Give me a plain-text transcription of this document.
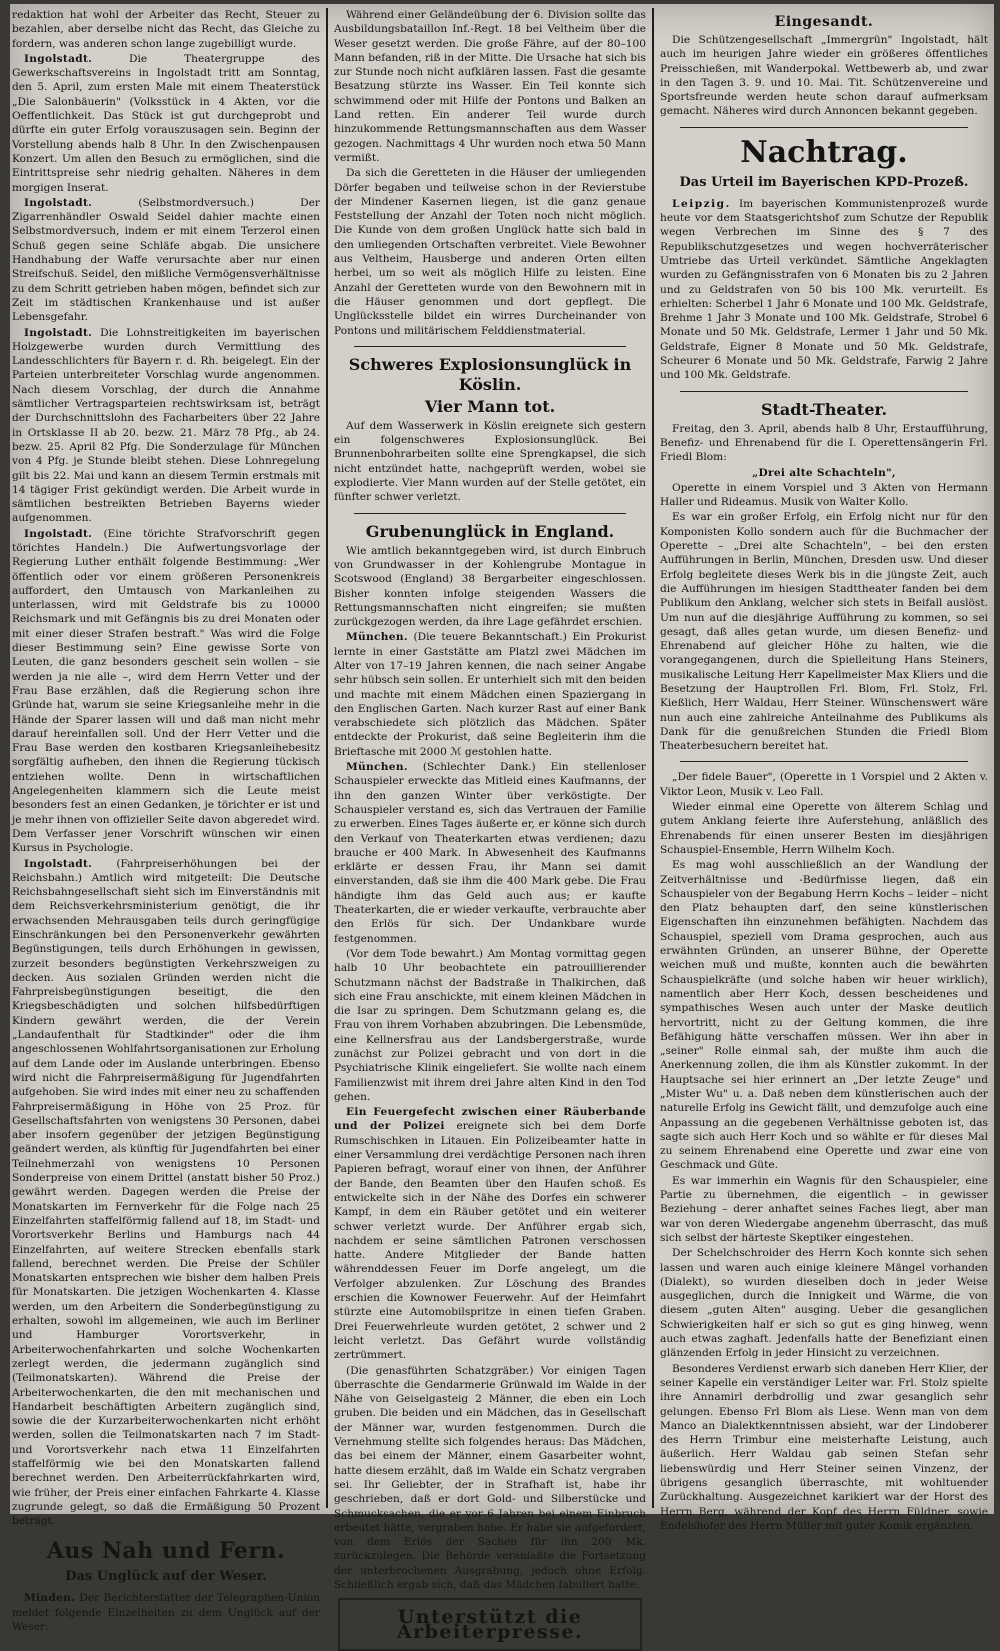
redaktion hat wohl der Arbeiter das Recht, Steuer zu bezahlen, aber derselbe nicht das Recht, das Gleiche zu fordern, was anderen schon lange zugebilligt wurde.

Ingolstadt. Die Theatergruppe des Gewerkschaftsvereins in Ingolstadt tritt am Sonntag, den 5. April, zum ersten Male mit einem Theaterstück „Die Salonbäuerin" (Volksstück in 4 Akten, vor die Oeffentlichkeit. Das Stück ist gut durchgeprobt und dürfte ein guter Erfolg vorauszusagen sein. Beginn der Vorstellung abends halb 8 Uhr. In den Zwischenpausen Konzert. Um allen den Besuch zu ermöglichen, sind die Eintrittspreise sehr niedrig gehalten. Näheres in dem morgigen Inserat.

Ingolstadt. (Selbstmordversuch.) Der Zigarrenhändler Oswald Seidel dahier machte einen Selbstmordversuch, indem er mit einem Terzerol einen Schuß gegen seine Schläfe abgab. Die unsichere Handhabung der Waffe verursachte aber nur einen Streifschuß. Seidel, den mißliche Vermögensverhältnisse zu dem Schritt getrieben haben mögen, befindet sich zur Zeit im städtischen Krankenhause und ist außer Lebensgefahr.

Ingolstadt. Die Lohnstreitigkeiten im bayerischen Holzgewerbe wurden durch Vermittlung des Landesschlichters für Bayern r. d. Rh. beigelegt. Ein der Parteien unterbreiteter Vorschlag wurde angenommen. Nach diesem Vorschlag, der durch die Annahme sämtlicher Vertragsparteien rechtswirksam ist, beträgt der Durchschnittslohn des Facharbeiters über 22 Jahre in Ortsklasse II ab 20. bezw. 21. März 78 Pfg., ab 24. bezw. 25. April 82 Pfg. Die Sonderzulage für München von 4 Pfg. je Stunde bleibt stehen. Diese Lohnregelung gilt bis 22. Mai und kann an diesem Termin erstmals mit 14 tägiger Frist gekündigt werden. Die Arbeit wurde in sämtlichen bestreikten Betrieben Bayerns wieder aufgenommen.

Ingolstadt. (Eine törichte Strafvorschrift gegen törichtes Handeln.) Die Aufwertungsvorlage der Regierung Luther enthält folgende Bestimmung: „Wer öffentlich oder vor einem größeren Personenkreis auffordert, den Umtausch von Markanleihen zu unterlassen, wird mit Geldstrafe bis zu 10000 Reichsmark und mit Gefängnis bis zu drei Monaten oder mit einer dieser Strafen bestraft." Was wird die Folge dieser Bestimmung sein? Eine gewisse Sorte von Leuten, die ganz besonders gescheit sein wollen – sie werden ja nie alle –, wird dem Herrn Vetter und der Frau Base erzählen, daß die Regierung schon ihre Gründe hat, warum sie seine Kriegsanleihe mehr in die Hände der Sparer lassen will und daß man nicht mehr darauf hereinfallen soll. Und der Herr Vetter und die Frau Base werden den kostbaren Kriegsanleihebesitz sorgfältig aufheben, den ihnen die Regierung tückisch entziehen wollte. Denn in wirtschaftlichen Angelegenheiten klammern sich die Leute meist besonders fest an einen Gedanken, je törichter er ist und je mehr ihnen von offizieller Seite davon abgeredet wird. Dem Verfasser jener Vorschrift wünschen wir einen Kursus in Psychologie.

Ingolstadt. (Fahrpreiserhöhungen bei der Reichsbahn.) Amtlich wird mitgeteilt: Die Deutsche Reichsbahngesellschaft sieht sich im Einverständnis mit dem Reichsverkehrsministerium genötigt, die ihr erwachsenden Mehrausgaben teils durch geringfügige Einschränkungen bei den Personenverkehr gewährten Begünstigungen, teils durch Erhöhungen in gewissen, zurzeit besonders begünstigten Verkehrszweigen zu decken. Aus sozialen Gründen werden nicht die Fahrpreisbegünstigungen beseitigt, die den Kriegsbeschädigten und solchen hilfsbedürftigen Kindern gewährt werden, die der Verein „Landaufenthalt für Stadtkinder" oder die ihm angeschlossenen Wohlfahrtsorganisationen zur Erholung auf dem Lande oder im Auslande unterbringen. Ebenso wird nicht die Fahrpreisermäßigung für Jugendfahrten aufgehoben. Sie wird indes mit einer neu zu schaffenden Fahrpreisermäßigung in Höhe von 25 Proz. für Gesellschaftsfahrten von wenigstens 30 Personen, dabei aber insofern gegenüber der jetzigen Begünstigung geändert werden, als künftig für Jugendfahrten bei einer Teilnehmerzahl von wenigstens 10 Personen Sonderpreise von einem Drittel (anstatt bisher 50 Proz.) gewährt werden. Dagegen werden die Preise der Monatskarten im Fernverkehr für die Folge nach 25 Einzelfahrten staffelförmig fallend auf 18, im Stadt- und Vorortsverkehr Berlins und Hamburgs nach 44 Einzelfahrten, auf weitere Strecken ebenfalls stark fallend, berechnet werden. Die Preise der Schüler Monatskarten entsprechen wie bisher dem halben Preis für Monatskarten. Die jetzigen Wochenkarten 4. Klasse werden, um den Arbeitern die Sonderbegünstigung zu erhalten, sowohl im allgemeinen, wie auch im Berliner und Hamburger Vorortsverkehr, in Arbeiterwochenfahrkarten und solche Wochenkarten zerlegt werden, die jedermann zugänglich sind (Teilmonatskarten). Während die Preise der Arbeiterwochenkarten, die den mit mechanischen und Handarbeit beschäftigten Arbeitern zugänglich sind, sowie die der Kurzarbeiterwochenkarten nicht erhöht werden, sollen die Teilmonatskarten nach 7 im Stadt- und Vorortsverkehr nach etwa 11 Einzelfahrten staffelförmig wie bei den Monatskarten fallend berechnet werden. Den Arbeiterrückfahrkarten wird, wie früher, der Preis einer einfachen Fahrkarte 4. Klasse zugrunde gelegt, so daß die Ermäßigung 50 Prozent beträgt.

Aus Nah und Fern.
Das Unglück auf der Weser.

Minden. Der Berichterstatter der Telegraphen-Union meldet folgende Einzelheiten zu dem Unglück auf der Weser:

Während einer Geländeübung der 6. Division sollte das Ausbildungsbataillon Inf.-Regt. 18 bei Veltheim über die Weser gesetzt werden. Die große Fähre, auf der 80–100 Mann befanden, riß in der Mitte. Die Ursache hat sich bis zur Stunde noch nicht aufklären lassen. Fast die gesamte Besatzung stürzte ins Wasser. Ein Teil konnte sich schwimmend oder mit Hilfe der Pontons und Balken an Land retten. Ein anderer Teil wurde durch hinzukommende Rettungsmannschaften aus dem Wasser gezogen. Nachmittags 4 Uhr wurden noch etwa 50 Mann vermißt.

Da sich die Geretteten in die Häuser der umliegenden Dörfer begaben und teilweise schon in der Revierstube der Mindener Kasernen liegen, ist die ganz genaue Feststellung der Anzahl der Toten noch nicht möglich. Die Kunde von dem großen Unglück hatte sich bald in den umliegenden Ortschaften verbreitet. Viele Bewohner aus Veltheim, Hausberge und anderen Orten eilten herbei, um so weit als möglich Hilfe zu leisten. Eine Anzahl der Geretteten wurde von den Bewohnern mit in die Häuser genommen und dort gepflegt. Die Unglücksstelle bildet ein wirres Durcheinander von Pontons und militärischem Felddienstmaterial.

Schweres Explosionsunglück in Köslin.
Vier Mann tot.

Auf dem Wasserwerk in Köslin ereignete sich gestern ein folgenschweres Explosionsunglück. Bei Brunnenbohrarbeiten sollte eine Sprengkapsel, die sich nicht entzündet hatte, nachgeprüft werden, wobei sie explodierte. Vier Mann wurden auf der Stelle getötet, ein fünfter schwer verletzt.

Grubenunglück in England.

Wie amtlich bekanntgegeben wird, ist durch Einbruch von Grundwasser in der Kohlengrube Montague in Scotswood (England) 38 Bergarbeiter eingeschlossen. Bisher konnten infolge steigenden Wassers die Rettungsmannschaften nicht eingreifen; sie mußten zurückgezogen werden, da ihre Lage gefährdet erschien.

München. (Die teuere Bekanntschaft.) Ein Prokurist lernte in einer Gaststätte am Platzl zwei Mädchen im Alter von 17–19 Jahren kennen, die nach seiner Angabe sehr hübsch sein sollen. Er unterhielt sich mit den beiden und machte mit einem Mädchen einen Spaziergang in den Englischen Garten. Nach kurzer Rast auf einer Bank verabschiedete sich plötzlich das Mädchen. Später entdeckte der Prokurist, daß seine Begleiterin ihm die Brieftasche mit 2000 ℳ gestohlen hatte.

München. (Schlechter Dank.) Ein stellenloser Schauspieler erweckte das Mitleid eines Kaufmanns, der ihn den ganzen Winter über verköstigte. Der Schauspieler verstand es, sich das Vertrauen der Familie zu erwerben. Eines Tages äußerte er, er könne sich durch den Verkauf von Theaterkarten etwas verdienen; dazu brauche er 400 Mark. In Abwesenheit des Kaufmanns erklärte er dessen Frau, ihr Mann sei damit einverstanden, daß sie ihm die 400 Mark gebe. Die Frau händigte ihm das Geld auch aus; er kaufte Theaterkarten, die er wieder verkaufte, verbrauchte aber den Erlös für sich. Der Undankbare wurde festgenommen.

(Vor dem Tode bewahrt.) Am Montag vormittag gegen halb 10 Uhr beobachtete ein patrouillierender Schutzmann nächst der Badstraße in Thalkirchen, daß sich eine Frau anschickte, mit einem kleinen Mädchen in die Isar zu springen. Dem Schutzmann gelang es, die Frau von ihrem Vorhaben abzubringen. Die Lebensmüde, eine Kellnersfrau aus der Landsbergerstraße, wurde zunächst zur Polizei gebracht und von dort in die Psychiatrische Klinik eingeliefert. Sie wollte nach einem Familienzwist mit ihrem drei Jahre alten Kind in den Tod gehen.

Ein Feuergefecht zwischen einer Räuberbande und der Polizei ereignete sich bei dem Dorfe Rumschischken in Litauen. Ein Polizeibeamter hatte in einer Versammlung drei verdächtige Personen nach ihren Papieren befragt, worauf einer von ihnen, der Anführer der Bande, den Beamten über den Haufen schoß. Es entwickelte sich in der Nähe des Dorfes ein schwerer Kampf, in dem ein Räuber getötet und ein weiterer schwer verletzt wurde. Der Anführer ergab sich, nachdem er seine sämtlichen Patronen verschossen hatte. Andere Mitglieder der Bande hatten währenddessen Feuer im Dorfe angelegt, um die Verfolger abzulenken. Zur Löschung des Brandes erschien die Kownower Feuerwehr. Auf der Heimfahrt stürzte eine Automobilspritze in einen tiefen Graben. Drei Feuerwehrleute wurden getötet, 2 schwer und 2 leicht verletzt. Das Gefährt wurde vollständig zertrümmert.

(Die genasführten Schatzgräber.) Vor einigen Tagen überraschte die Gendarmerie Grünwald im Walde in der Nähe von Geiselgasteig 2 Männer, die eben ein Loch gruben. Die beiden und ein Mädchen, das in Gesellschaft der Männer war, wurden festgenommen. Durch die Vernehmung stellte sich folgendes heraus: Das Mädchen, das bei einem der Männer, einem Gasarbeiter wohnt, hatte diesem erzählt, daß im Walde ein Schatz vergraben sei. Ihr Geliebter, der in Strafhaft ist, habe ihr geschrieben, daß er dort Gold- und Silberstücke und Schmucksachen, die er vor 6 Jahren bei einem Einbruch erbeutet hätte, vergraben habe. Er habe sie aufgefordert, von dem Erlös der Sachen für ihn 200 Mk. zurückzulegen. Die Behörde veranlaßte die Fortsetzung der unterbrochenen Ausgrabung, jedoch ohne Erfolg. Schließlich ergab sich, daß das Mädchen fabuliert hatte.

Unterstützt die Arbeiterpresse.
Eingesandt.

Die Schützengesellschaft „Immergrün" Ingolstadt, hält auch im heurigen Jahre wieder ein größeres öffentliches Preisschießen, mit Wanderpokal. Wettbewerb ab, und zwar in den Tagen 3. 9. und 10. Mai. Tit. Schützenvereine und Sportsfreunde werden heute schon darauf aufmerksam gemacht. Näheres wird durch Annoncen bekannt gegeben.

Nachtrag.
Das Urteil im Bayerischen KPD-Prozeß.

Leipzig. Im bayerischen Kommunistenprozeß wurde heute vor dem Staatsgerichtshof zum Schutze der Republik wegen Verbrechen im Sinne des § 7 des Republikschutzgesetzes und wegen hochverräterischer Umtriebe das Urteil verkündet. Sämtliche Angeklagten wurden zu Gefängnisstrafen von 6 Monaten bis zu 2 Jahren und zu Geldstrafen von 50 bis 100 Mk. verurteilt. Es erhielten: Scherbel 1 Jahr 6 Monate und 100 Mk. Geldstrafe, Brehme 1 Jahr 3 Monate und 100 Mk. Geldstrafe, Strobel 6 Monate und 50 Mk. Geldstrafe, Lermer 1 Jahr und 50 Mk. Geldstrafe, Eigner 8 Monate und 50 Mk. Geldstrafe, Scheurer 6 Monate und 50 Mk. Geldstrafe, Farwig 2 Jahre und 100 Mk. Geldstrafe.

Stadt-Theater.

Freitag, den 3. April, abends halb 8 Uhr, Erstaufführung, Benefiz- und Ehrenabend für die I. Operettensängerin Frl. Friedl Blom:

„Drei alte Schachteln",

Operette in einem Vorspiel und 3 Akten von Hermann Haller und Rideamus. Musik von Walter Kollo.

Es war ein großer Erfolg, ein Erfolg nicht nur für den Komponisten Kollo sondern auch für die Buchmacher der Operette – „Drei alte Schachteln", – bei den ersten Aufführungen in Berlin, München, Dresden usw. Und dieser Erfolg begleitete dieses Werk bis in die jüngste Zeit, auch die Aufführungen im hiesigen Stadttheater fanden bei dem Publikum den Anklang, welcher sich stets in Beifall auslöst. Um nun auf die diesjährige Aufführung zu kommen, so sei gesagt, daß alles getan wurde, um diesen Benefiz- und Ehrenabend auf gleicher Höhe zu halten, wie die vorangegangenen, durch die Spielleitung Hans Steiners, musikalische Leitung Herr Kapellmeister Max Kliers und die Besetzung der Hauptrollen Frl. Blom, Frl. Stolz, Frl. Kießlich, Herr Waldau, Herr Steiner. Wünschenswert wäre nun auch eine zahlreiche Anteilnahme des Publikums als Dank für die genußreichen Stunden die Friedl Blom Theaterbesuchern bereitet hat.

„Der fidele Bauer", (Operette in 1 Vorspiel und 2 Akten v. Viktor Leon, Musik v. Leo Fall.

Wieder einmal eine Operette von älterem Schlag und gutem Anklang feierte ihre Auferstehung, anläßlich des Ehrenabends für einen unserer Besten im diesjährigen Schauspiel-Ensemble, Herrn Wilhelm Koch.

Es mag wohl ausschließlich an der Wandlung der Zeitverhältnisse und -Bedürfnisse liegen, daß ein Schauspieler von der Begabung Herrn Kochs – leider – nicht den Platz behaupten darf, den seine künstlerischen Eigenschaften ihn einzunehmen befähigten. Nachdem das Schauspiel, speziell vom Drama gesprochen, auch aus erwähnten Gründen, an unserer Bühne, der Operette weichen muß und mußte, konnten auch die bewährten Schauspielkräfte (und solche haben wir heuer wirklich), namentlich aber Herr Koch, dessen bescheidenes und sympathisches Wesen auch unter der Maske deutlich hervortritt, nicht zu der Geltung kommen, die ihre Befähigung hätte verschaffen müssen. Wer ihn aber in „seiner" Rolle einmal sah, der mußte ihm auch die Anerkennung zollen, die ihm als Künstler zukommt. In der Hauptsache sei hier erinnert an „Der letzte Zeuge" und „Mister Wu" u. a. Daß neben dem künstlerischen auch der naturelle Erfolg ins Gewicht fällt, und demzufolge auch eine Anpassung an die gegebenen Verhältnisse geboten ist, das sagte sich auch Herr Koch und so wählte er für dieses Mal zu seinem Ehrenabend eine Operette und zwar eine von Geschmack und Güte.

Es war immerhin ein Wagnis für den Schauspieler, eine Partie zu übernehmen, die eigentlich – in gewisser Beziehung – derer anhaftet seines Faches liegt, aber man war von deren Wiedergabe angenehm überrascht, das muß sich selbst der härteste Skeptiker eingestehen.

Der Schelchschroider des Herrn Koch konnte sich sehen lassen und waren auch einige kleinere Mängel vorhanden (Dialekt), so wurden dieselben doch in jeder Weise ausgeglichen, durch die Innigkeit und Wärme, die von diesem „guten Alten" ausging. Ueber die gesanglichen Schwierigkeiten half er sich so gut es ging hinweg, wenn auch etwas zaghaft. Jedenfalls hatte der Benefiziant einen glänzenden Erfolg in jeder Hinsicht zu verzeichnen.

Besonderes Verdienst erwarb sich daneben Herr Klier, der seiner Kapelle ein verständiger Leiter war. Frl. Stolz spielte ihre Annamirl derbdrollig und zwar gesanglich sehr gelungen. Ebenso Frl Blom als Liese. Wenn man von dem Manco an Dialektkenntnissen absieht, war der Lindoberer des Herrn Trimbur eine meisterhafte Leistung, auch äußerlich. Herr Waldau gab seinen Stefan sehr liebenswürdig und Herr Steiner seinen Vinzenz, der übrigens gesanglich überraschte, mit wohltuender Zurückhaltung. Ausgezeichnet karikiert war der Horst des Herrn Berg, während der Kopf des Herrn Füldner, sowie Endelshofer des Herrn Müller mit guter Komik ergänzten.
